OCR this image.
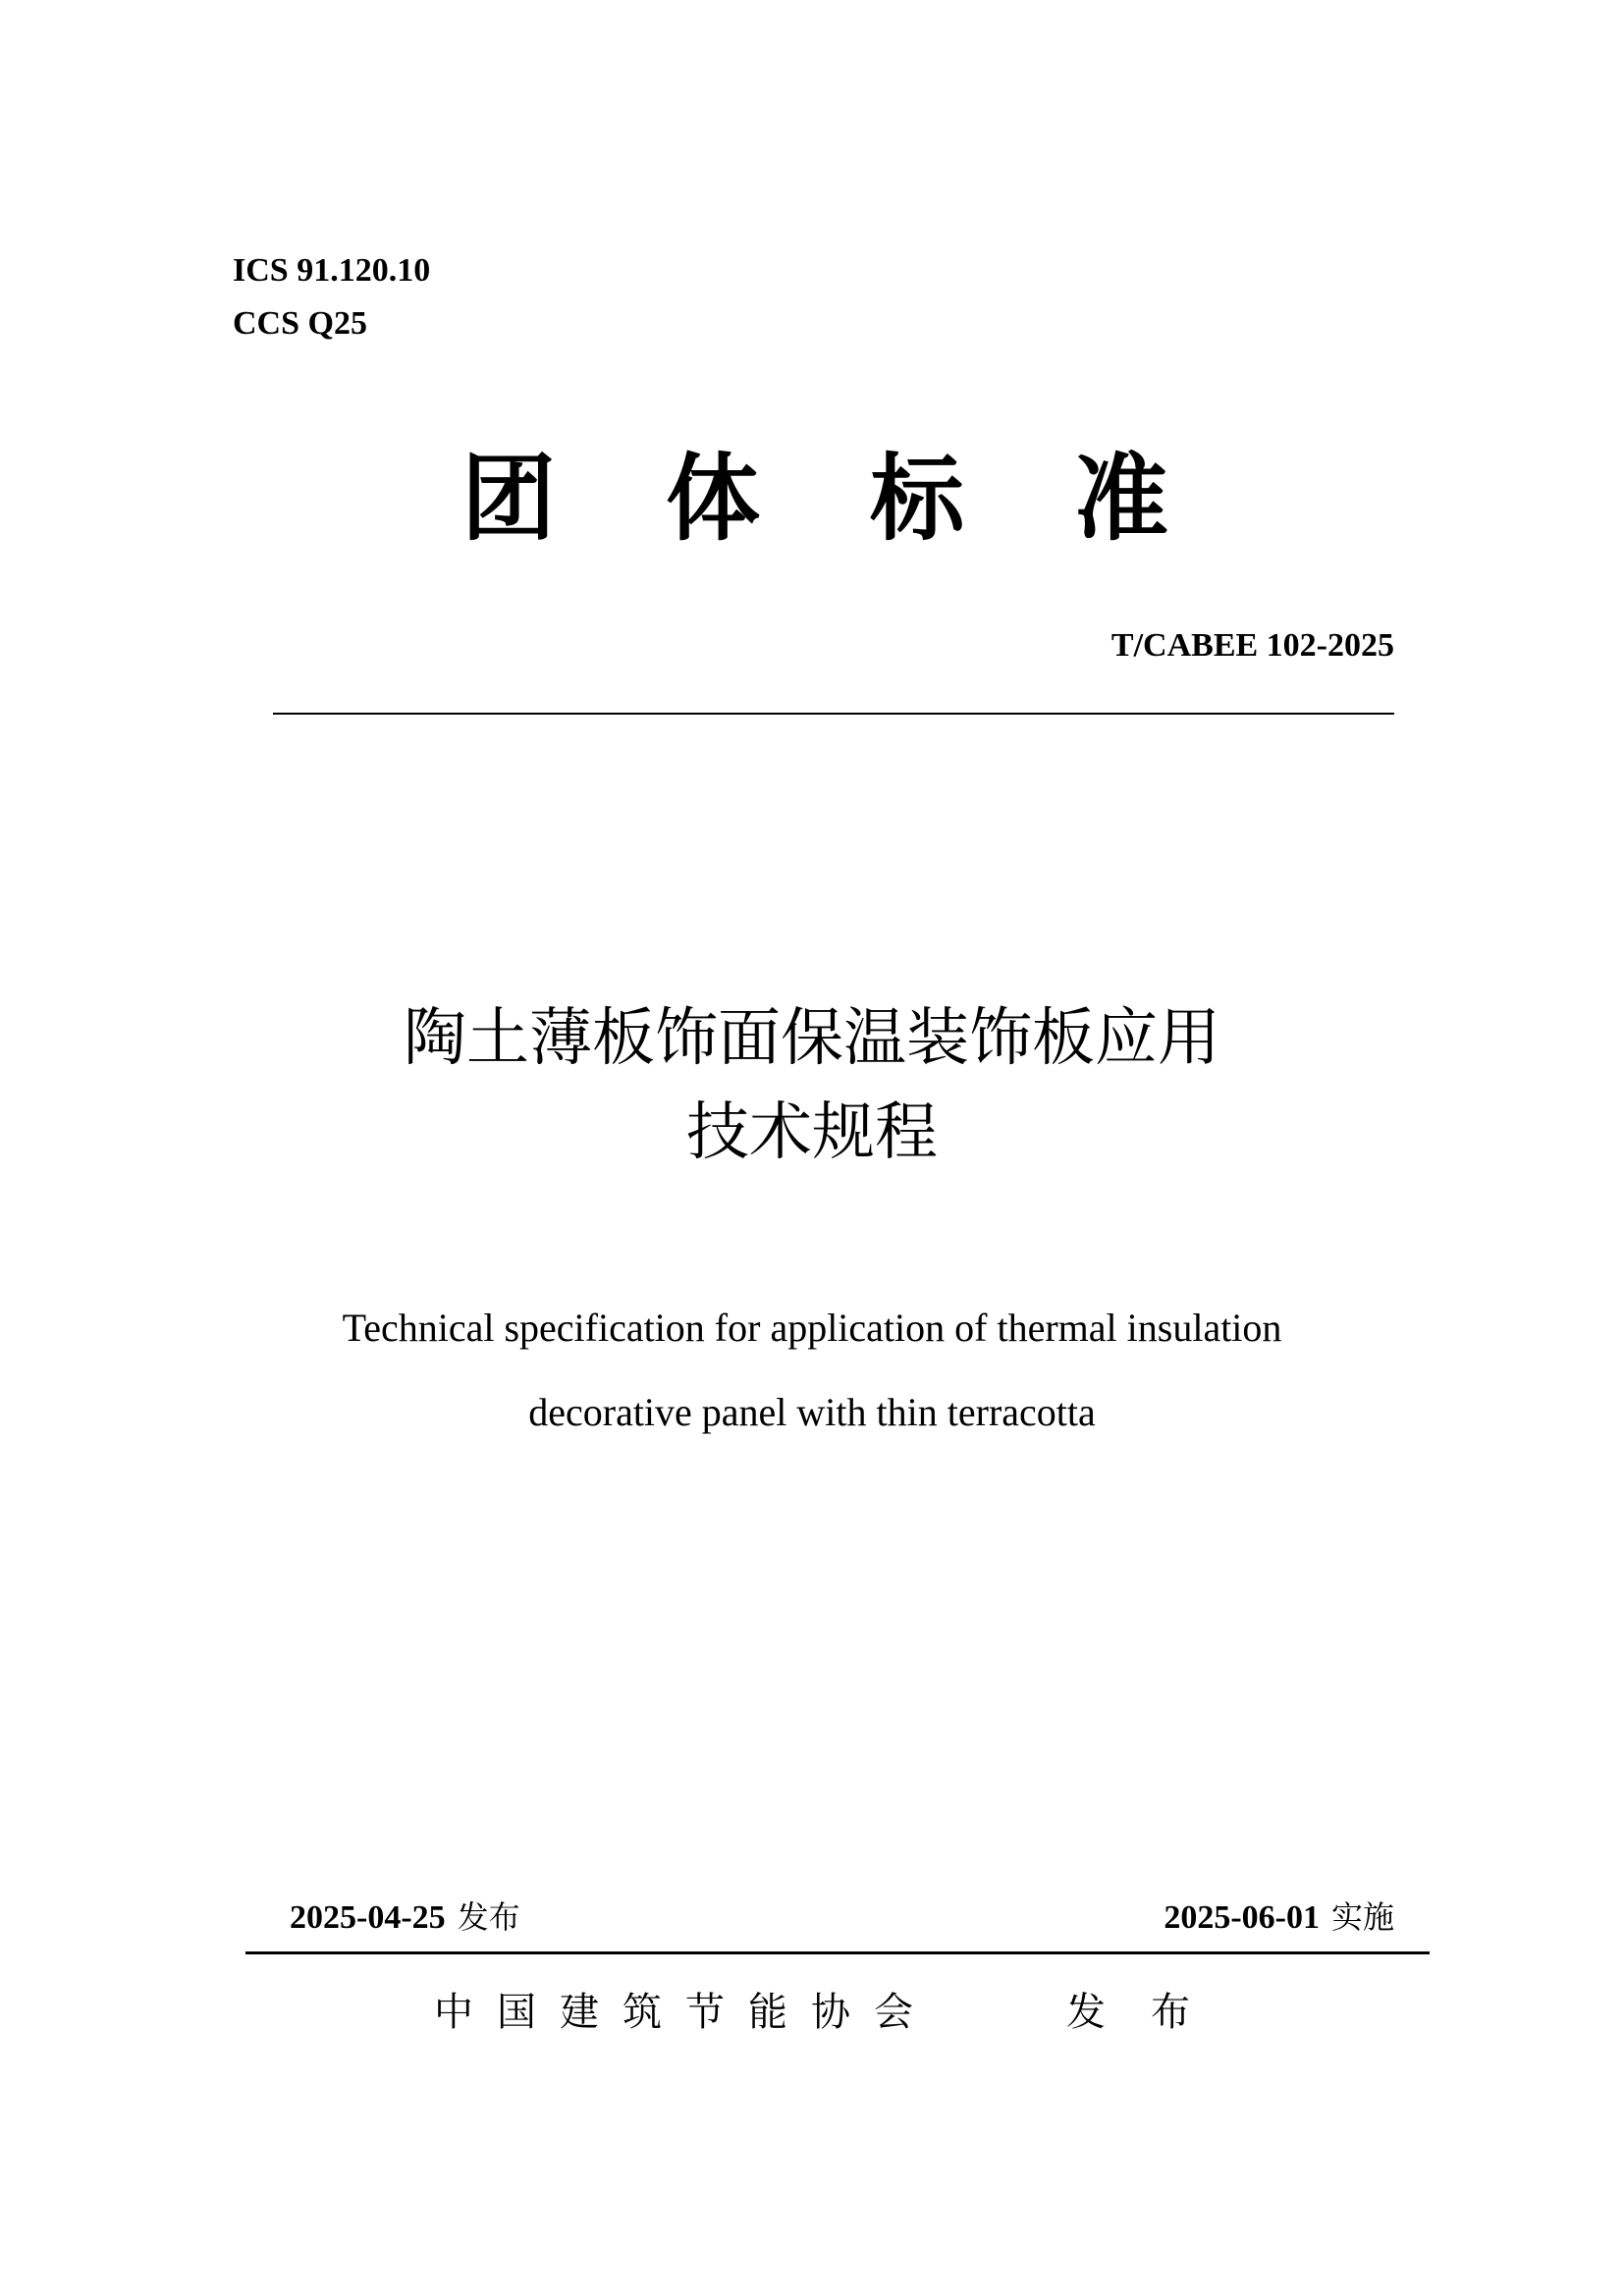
ICS 91.120.10
CCS Q25
团 体 标 准
T/CABEE 102-2025
陶土薄板饰面保温装饰板应用
技术规程
Technical specification for application of thermal insulation
decorative panel with thin terracotta
2025-04-25 发布	2025-06-01 实施
中国建筑节能协会	发布
